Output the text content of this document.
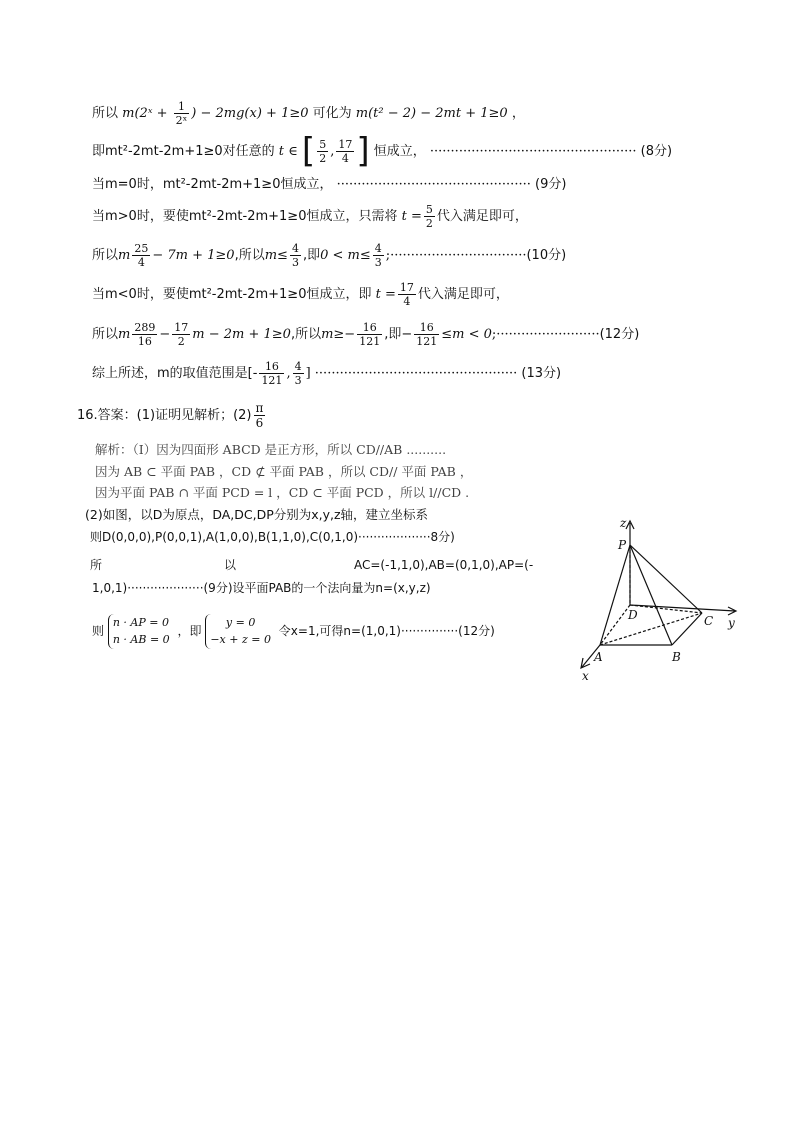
所以 m(2ˣ + $\frac{1}{\text{2ˣ}}$ ) − 2mg(x) + 1≥0 可化为 m(t² − 2) − 2mt + 1≥0 ，
即mt²-2mt-2m+1≥0对任意的 t ∈ [ $\frac{5}{2}$ , $\frac{17}{4}$ ] 恒成立， ·················································· (8分)
当m=0时，mt²-2mt-2m+1≥0恒成立， ··············································· (9分)
当m>0时，要使mt²-2mt-2m+1≥0恒成立，只需将 $t = \frac{5}{2}$ 代入满足即可，
所以m $\frac{25}{4} - 7m + 1\ge 0$,所以$m\le \frac{4}{3}$ ,即$0 < m\le \frac{4}{3}$ ;·································(10分)
当m<0时，要使mt²-2mt-2m+1≥0恒成立，即 $t = \frac{17}{4}$ 代入满足即可，
所以m $\frac{289}{16} - \frac{17}{2}$ m − 2m + 1≥0,所以$m\ge- \frac{16}{121}$ ,即− $\frac{16}{121} \le m$ < 0;·························(12分)
综上所述，m的取值范围是[- $\frac{16}{121}$ , $\frac{4}{3}$ ] ················································· (13分)
16.答案：(1)证明见解析；$(2) \frac{\pi}{6}$
解析：（Ⅰ）因为四面形 ABCD 是正方形，所以 CD//AB ..........
因为 AB ⊂ 平面 PAB ，CD ⊄ 平面 PAB ，所以 CD// 平面 PAB ，
因为平面 PAB ∩ 平面 PCD = l ，CD ⊂ 平面 PCD ，所以 l//CD .
(2)如图，以D为原点，DA,DC,DP分别为x,y,z轴，建立坐标系
则D(0,0,0),P(0,0,1),A(1,0,0),B(1,1,0),C(0,1,0)···················8分)
所	以	AC=(-1,1,0),AB=(0,1,0),AP=(-
1,0,1)····················(9分)设平面PAB的一个法向量为n=(x,y,z)
则 n · AP = 0
n · AB = 0 ，即 y = 0
−x + z = 0 令x=1,可得n=(1,0,1)···············(12分)
z
P
D	C y
A	B
x
